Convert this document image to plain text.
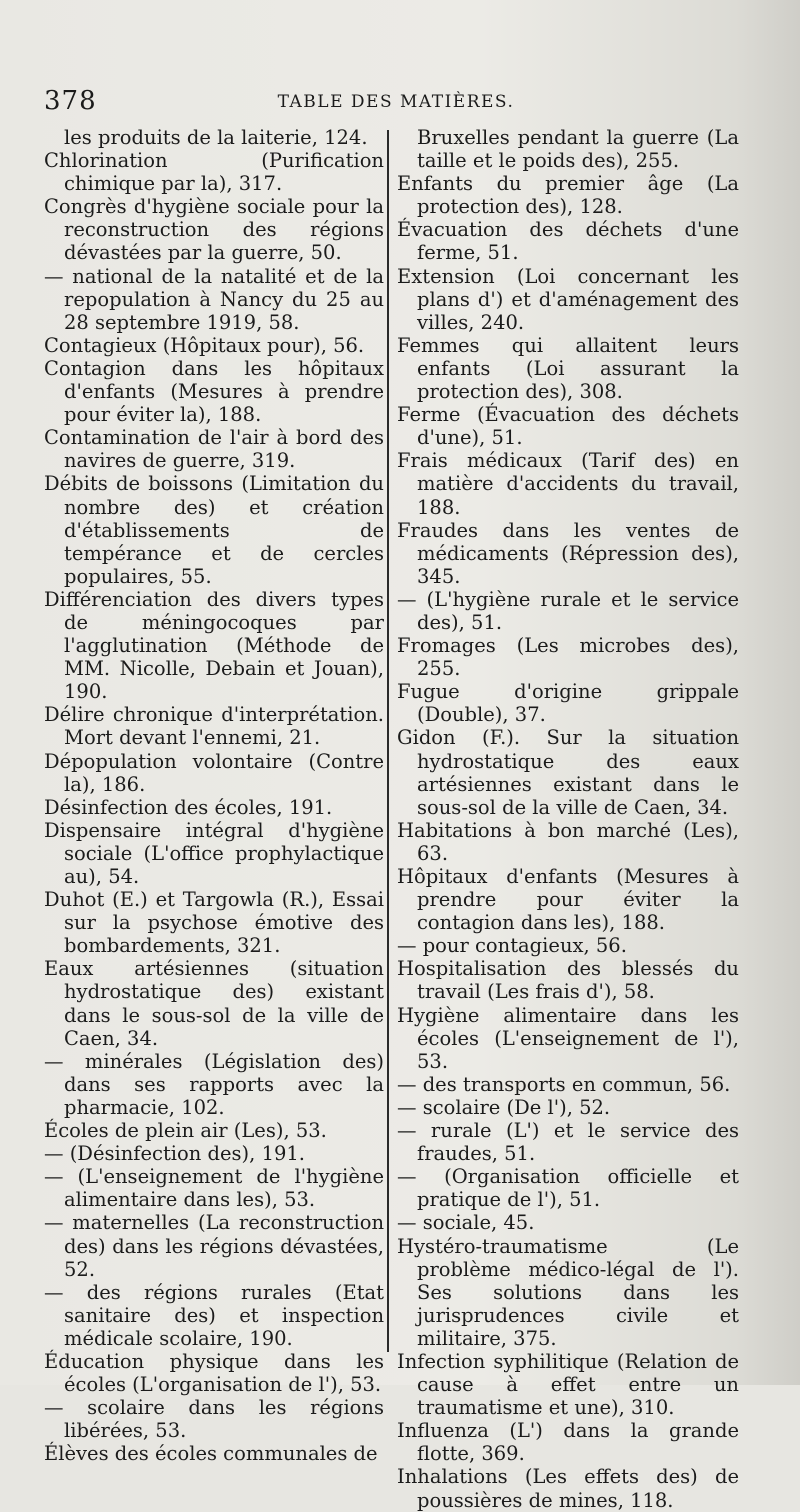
378	TABLE DES MATIÈRES.

les produits de la laiterie, 124.

Chlorination (Purification chimique par la), 317.

Congrès d'hygiène sociale pour la reconstruction des régions dévastées par la guerre, 50.

— national de la natalité et de la repopulation à Nancy du 25 au 28 septembre 1919, 58.

Contagieux (Hôpitaux pour), 56.

Contagion dans les hôpitaux d'enfants (Mesures à prendre pour éviter la), 188.

Contamination de l'air à bord des navires de guerre, 319.

Débits de boissons (Limitation du nombre des) et création d'établissements de tempérance et de cercles populaires, 55.

Différenciation des divers types de méningocoques par l'agglutination (Méthode de MM. Nicolle, Debain et Jouan), 190.

Délire chronique d'interprétation. Mort devant l'ennemi, 21.

Dépopulation volontaire (Contre la), 186.

Désinfection des écoles, 191.

Dispensaire intégral d'hygiène sociale (L'office prophylactique au), 54.

Duhot (E.) et Targowla (R.), Essai sur la psychose émotive des bombardements, 321.

Eaux artésiennes (situation hydrostatique des) existant dans le sous-sol de la ville de Caen, 34.

— minérales (Législation des) dans ses rapports avec la pharmacie, 102.

Écoles de plein air (Les), 53.

— (Désinfection des), 191.

— (L'enseignement de l'hygiène alimentaire dans les), 53.

— maternelles (La reconstruction des) dans les régions dévastées, 52.

— des régions rurales (Etat sanitaire des) et inspection médicale scolaire, 190.

Éducation physique dans les écoles (L'organisation de l'), 53.

— scolaire dans les régions libérées, 53.

Élèves des écoles communales de

Bruxelles pendant la guerre (La taille et le poids des), 255.

Enfants du premier âge (La protection des), 128.

Évacuation des déchets d'une ferme, 51.

Extension (Loi concernant les plans d') et d'aménagement des villes, 240.

Femmes qui allaitent leurs enfants (Loi assurant la protection des), 308.

Ferme (Évacuation des déchets d'une), 51.

Frais médicaux (Tarif des) en matière d'accidents du travail, 188.

Fraudes dans les ventes de médicaments (Répression des), 345.

— (L'hygiène rurale et le service des), 51.

Fromages (Les microbes des), 255.

Fugue d'origine grippale (Double), 37.

Gidon (F.). Sur la situation hydrostatique des eaux artésiennes existant dans le sous-sol de la ville de Caen, 34.

Habitations à bon marché (Les), 63.

Hôpitaux d'enfants (Mesures à prendre pour éviter la contagion dans les), 188.

— pour contagieux, 56.

Hospitalisation des blessés du travail (Les frais d'), 58.

Hygiène alimentaire dans les écoles (L'enseignement de l'), 53.

— des transports en commun, 56.

— scolaire (De l'), 52.

— rurale (L') et le service des fraudes, 51.

— (Organisation officielle et pratique de l'), 51.

— sociale, 45.

Hystéro-traumatisme (Le problème médico-légal de l'). Ses solutions dans les jurisprudences civile et militaire, 375.

Infection syphilitique (Relation de cause à effet entre un traumatisme et une), 310.

Influenza (L') dans la grande flotte, 369.

Inhalations (Les effets des) de poussières de mines, 118.
